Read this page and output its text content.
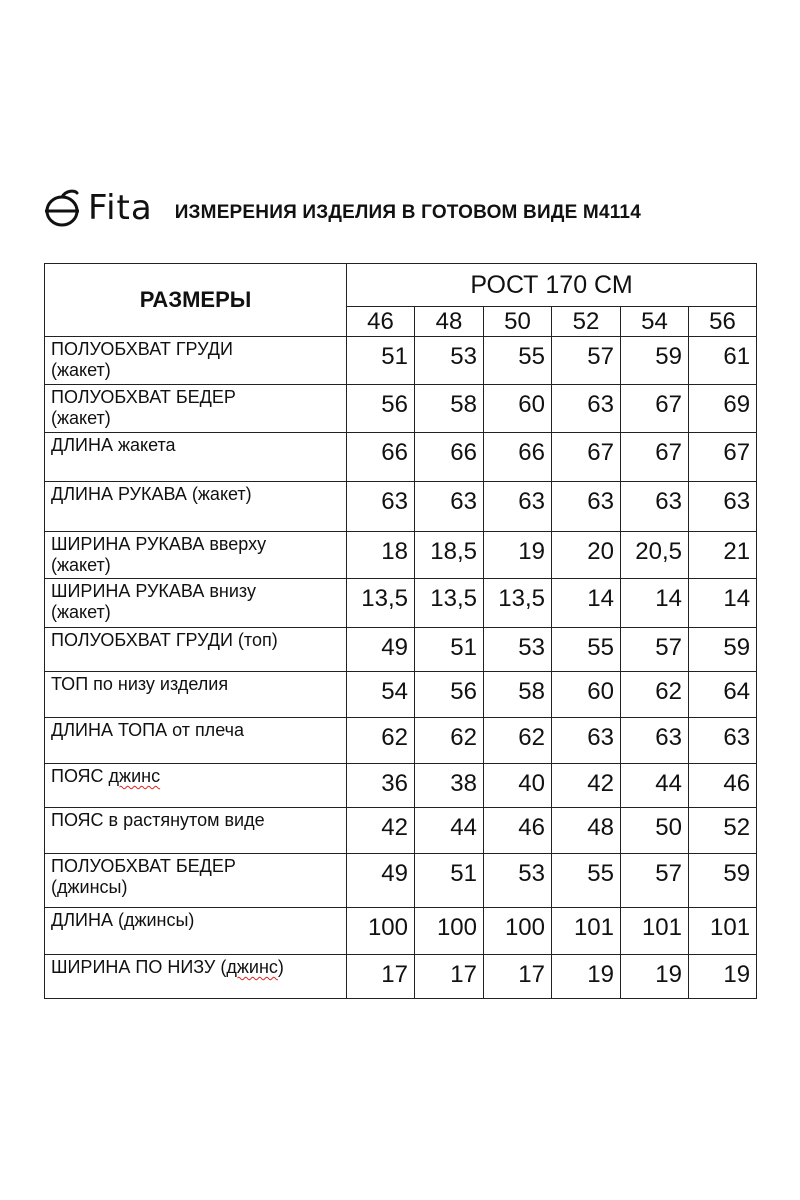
Fita ИЗМЕРЕНИЯ ИЗДЕЛИЯ В ГОТОВОМ ВИДЕ М4114
РАЗМЕРЫ	РОСТ 170 СМ					
	46	48	50	52	54	56
ПОЛУОБХВАТ ГРУДИ
(жакет)	51	53	55	57	59	61
ПОЛУОБХВАТ БЕДЕР
(жакет)	56	58	60	63	67	69
ДЛИНА жакета	66	66	66	67	67	67
ДЛИНА РУКАВА (жакет)	63	63	63	63	63	63
ШИРИНА РУКАВА вверху
(жакет)	18	18,5	19	20	20,5	21
ШИРИНА РУКАВА внизу
(жакет)	13,5	13,5	13,5	14	14	14
ПОЛУОБХВАТ ГРУДИ (топ)	49	51	53	55	57	59
ТОП по низу изделия	54	56	58	60	62	64
ДЛИНА ТОПА от плеча	62	62	62	63	63	63
ПОЯС джинс	36	38	40	42	44	46
ПОЯС в растянутом виде	42	44	46	48	50	52
ПОЛУОБХВАТ БЕДЕР
(джинсы)	49	51	53	55	57	59
ДЛИНА (джинсы)	100	100	100	101	101	101
ШИРИНА ПО НИЗУ (джинс)	17	17	17	19	19	19
